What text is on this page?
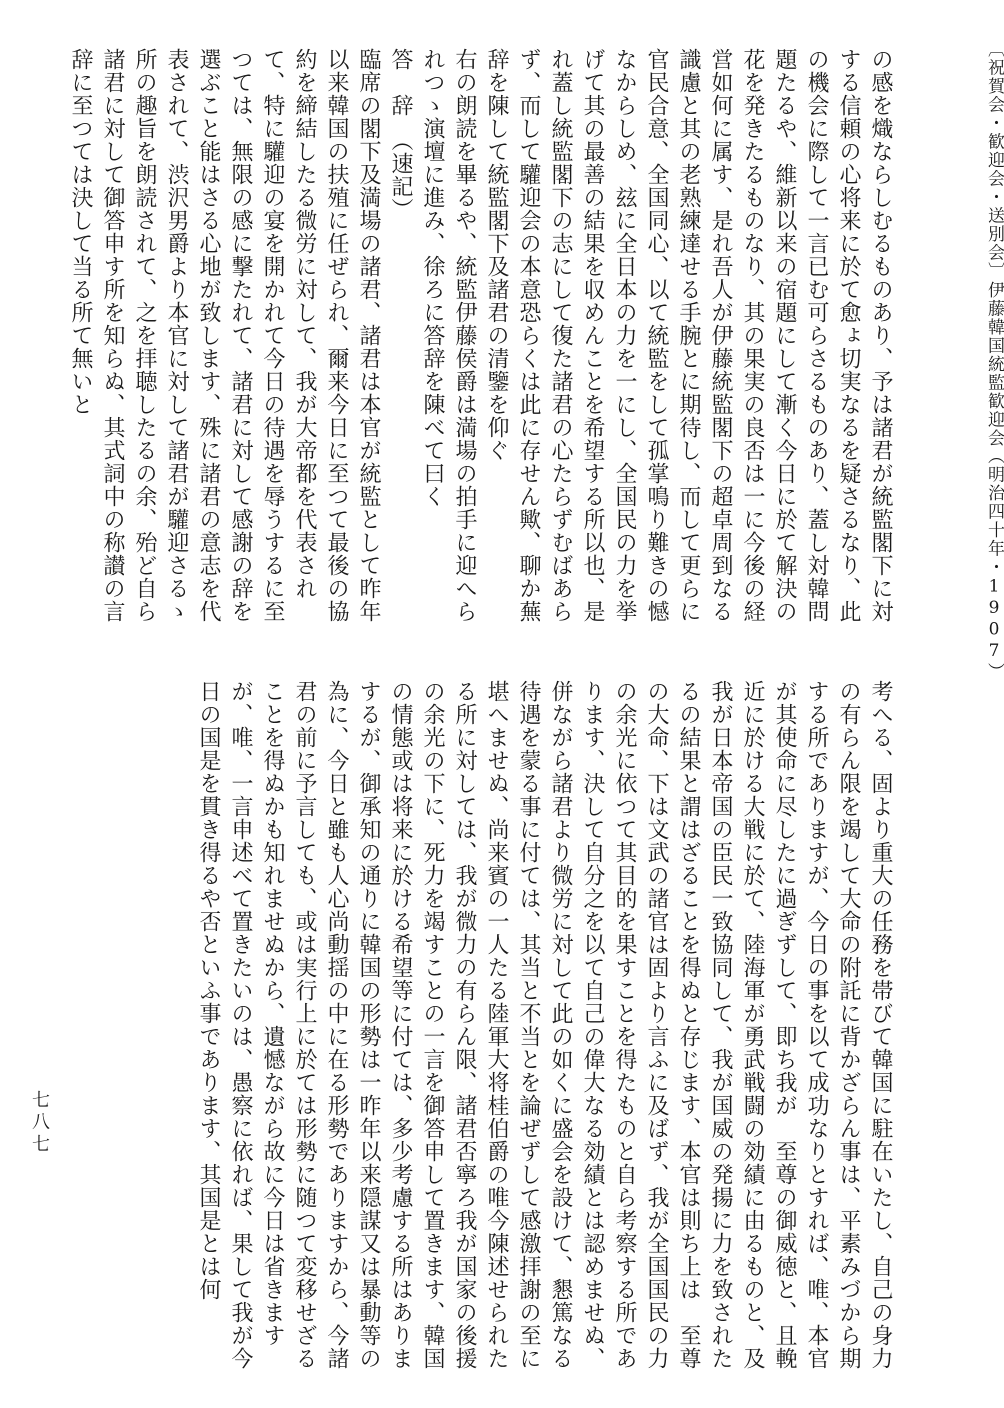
〔祝賀会・歓迎会・送別会〕伊藤韓国統監歓迎会（明治四十年・1907）

の感を熾ならしむるものあり、予は諸君が統監閣下に対する信頼の心将来に於て愈ょ切実なるを疑さるなり、此の機会に際して一言已む可らさるものあり、蓋し対韓問題たるや、維新以来の宿題にして漸く今日に於て解決の花を発きたるものなり、其の果実の良否は一に今後の経営如何に属す、是れ吾人が伊藤統監閣下の超卓周到なる識慮と其の老熟練達せる手腕とに期待し、而して更らに官民合意、全国同心、以て統監をして孤掌鳴り難きの憾なからしめ、玆に全日本の力を一にし、全国民の力を挙げて其の最善の結果を収めんことを希望する所以也、是れ蓋し統監閣下の志にして復た諸君の心たらずむばあらず、而して驩迎会の本意恐らくは此に存せん歟、聊か蕪辞を陳して統監閣下及諸君の清鑒を仰ぐ

右の朗読を畢るや、統監伊藤侯爵は満場の拍手に迎へられつゝ演壇に進み、徐ろに答辞を陳べて曰く

答　辞　（速記）

臨席の閣下及満場の諸君、諸君は本官が統監として昨年以来韓国の扶殖に任ぜられ、爾来今日に至つて最後の協約を締結したる微労に対して、我が大帝都を代表されて、特に驩迎の宴を開かれて今日の待遇を辱うするに至つては、無限の感に撃たれて、諸君に対して感謝の辞を選ぶこと能はさる心地が致します、殊に諸君の意志を代表されて、渋沢男爵より本官に対して諸君が驩迎さるゝ所の趣旨を朗読されて、之を拝聴したるの余、殆ど自ら諸君に対して御答申す所を知らぬ、其式詞中の称讃の言辞に至つては決して当る所て無いと

考へる、固より重大の任務を帯びて韓国に駐在いたし、自己の身力の有らん限を竭して大命の附託に背かざらん事は、平素みづから期する所でありますが、今日の事を以て成功なりとすれば、唯、本官が其使命に尽したに過ぎずして、即ち我が　至尊の御威徳と、且輓近に於ける大戦に於て、陸海軍が勇武戦闘の効績に由るものと、及我が日本帝国の臣民一致協同して、我が国威の発揚に力を致されたるの結果と謂はざることを得ぬと存じます、本官は則ち上は　至尊の大命、下は文武の諸官は固より言ふに及ばず、我が全国国民の力の余光に依つて其目的を果すことを得たものと自ら考察する所であります、決して自分之を以て自己の偉大なる効績とは認めませぬ、併ながら諸君より微労に対して此の如くに盛会を設けて、懇篤なる待遇を蒙る事に付ては、其当と不当とを論ぜずして感激拝謝の至に堪へませぬ、尚来賓の一人たる陸軍大将桂伯爵の唯今陳述せられたる所に対しては、我が微力の有らん限、諸君否寧ろ我が国家の後援の余光の下に、死力を竭すことの一言を御答申して置きます、韓国の情態或は将来に於ける希望等に付ては、多少考慮する所はありまするが、御承知の通りに韓国の形勢は一昨年以来隠謀又は暴動等の為に、今日と雖も人心尚動揺の中に在る形勢でありますから、今諸君の前に予言しても、或は実行上に於ては形勢に随つて変移せざることを得ぬかも知れませぬから、遺憾ながら故に今日は省きますが、唯、一言申述べて置きたいのは、愚察に依れば、果して我が今日の国是を貫き得るや否といふ事であります、其国是とは何

七八七
